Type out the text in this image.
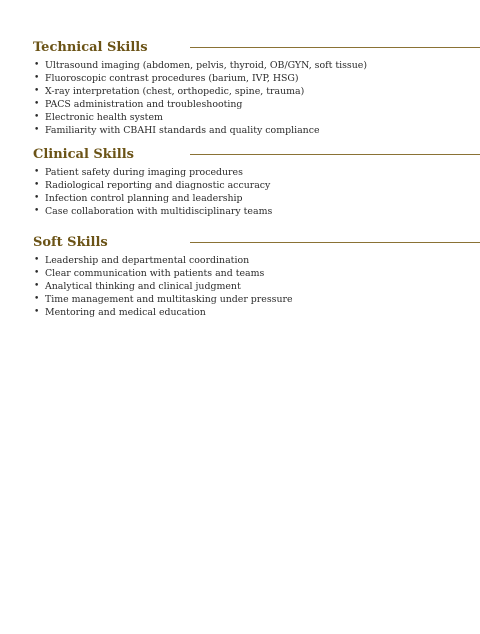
Technical Skills
• Ultrasound imaging (abdomen, pelvis, thyroid, OB/GYN, soft tissue)
• Fluoroscopic contrast procedures (barium, IVP, HSG)
• X-ray interpretation (chest, orthopedic, spine, trauma)
• PACS administration and troubleshooting
• Electronic health system
• Familiarity with CBAHI standards and quality compliance
Clinical Skills
• Patient safety during imaging procedures
• Radiological reporting and diagnostic accuracy
• Infection control planning and leadership
• Case collaboration with multidisciplinary teams
Soft Skills
• Leadership and departmental coordination
• Clear communication with patients and teams
• Analytical thinking and clinical judgment
• Time management and multitasking under pressure
• Mentoring and medical education
